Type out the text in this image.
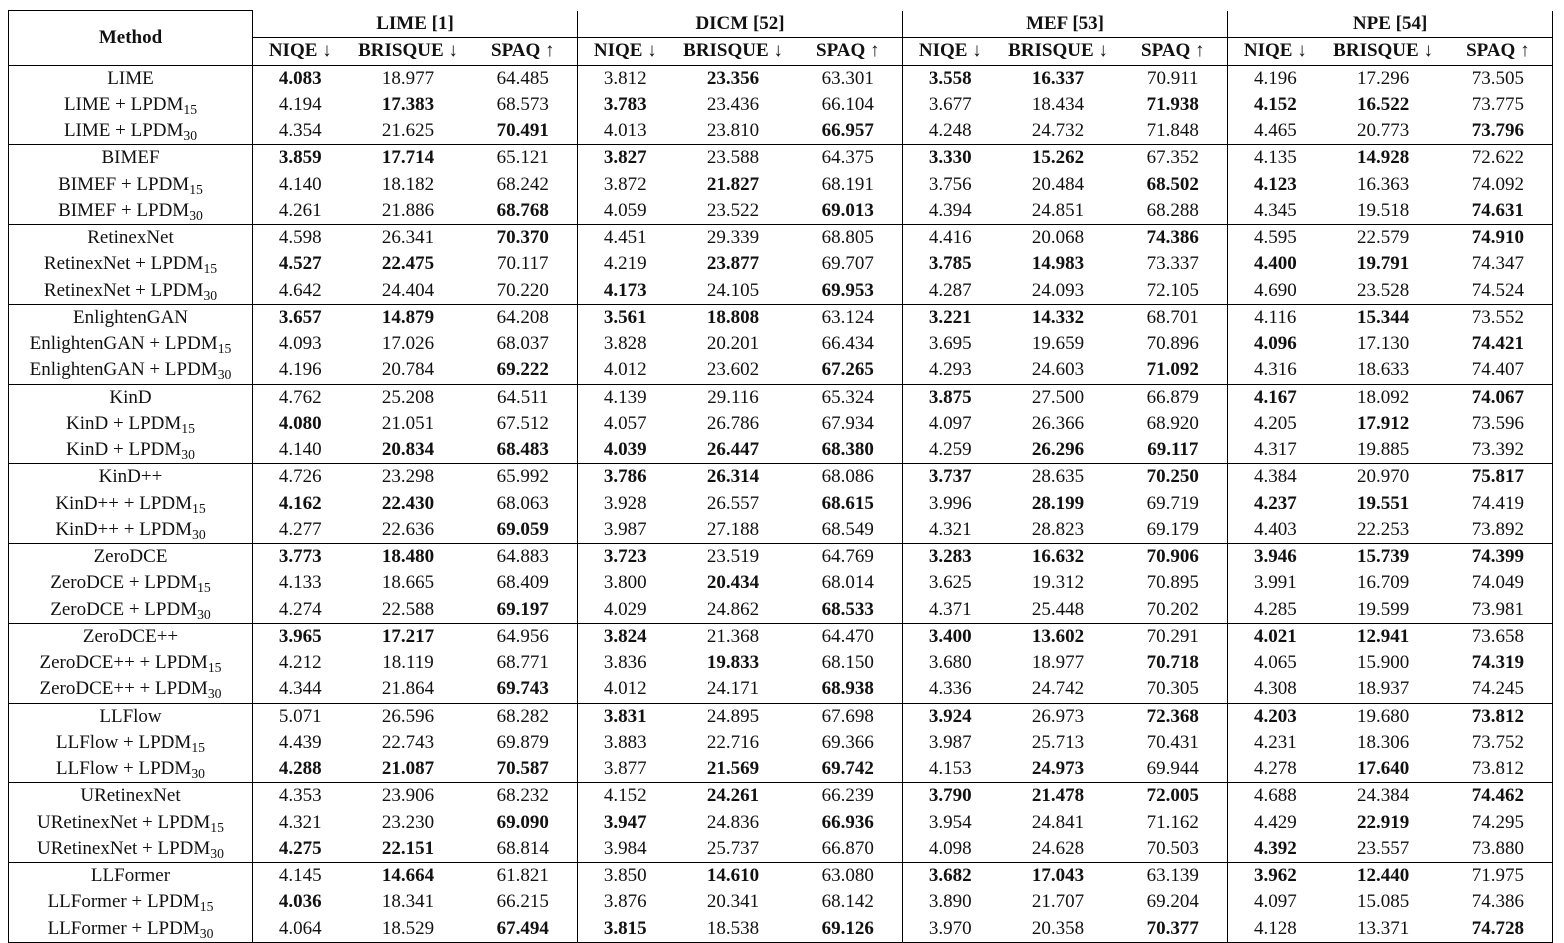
Method	LIME [1]			DICM [52]			MEF [53]			NPE [54]		
	NIQE ↓	BRISQUE ↓	SPAQ ↑	NIQE ↓	BRISQUE ↓	SPAQ ↑	NIQE ↓	BRISQUE ↓	SPAQ ↑	NIQE ↓	BRISQUE ↓	SPAQ ↑
LIME	4.083	18.977	64.485	3.812	23.356	63.301	3.558	16.337	70.911	4.196	17.296	73.505
LIME + $LPDM_{15}$	4.194	17.383	68.573	3.783	23.436	66.104	3.677	18.434	71.938	4.152	16.522	73.775
LIME + $LPDM_{30}$	4.354	21.625	70.491	4.013	23.810	66.957	4.248	24.732	71.848	4.465	20.773	73.796
BIMEF	3.859	17.714	65.121	3.827	23.588	64.375	3.330	15.262	67.352	4.135	14.928	72.622
BIMEF + $LPDM_{15}$	4.140	18.182	68.242	3.872	21.827	68.191	3.756	20.484	68.502	4.123	16.363	74.092
BIMEF + $LPDM_{30}$	4.261	21.886	68.768	4.059	23.522	69.013	4.394	24.851	68.288	4.345	19.518	74.631
RetinexNet	4.598	26.341	70.370	4.451	29.339	68.805	4.416	20.068	74.386	4.595	22.579	74.910
RetinexNet + $LPDM_{15}$	4.527	22.475	70.117	4.219	23.877	69.707	3.785	14.983	73.337	4.400	19.791	74.347
RetinexNet + $LPDM_{30}$	4.642	24.404	70.220	4.173	24.105	69.953	4.287	24.093	72.105	4.690	23.528	74.524
EnlightenGAN	3.657	14.879	64.208	3.561	18.808	63.124	3.221	14.332	68.701	4.116	15.344	73.552
EnlightenGAN + $LPDM_{15}$	4.093	17.026	68.037	3.828	20.201	66.434	3.695	19.659	70.896	4.096	17.130	74.421
EnlightenGAN + $LPDM_{30}$	4.196	20.784	69.222	4.012	23.602	67.265	4.293	24.603	71.092	4.316	18.633	74.407
KinD	4.762	25.208	64.511	4.139	29.116	65.324	3.875	27.500	66.879	4.167	18.092	74.067
KinD + $LPDM_{15}$	4.080	21.051	67.512	4.057	26.786	67.934	4.097	26.366	68.920	4.205	17.912	73.596
KinD + $LPDM_{30}$	4.140	20.834	68.483	4.039	26.447	68.380	4.259	26.296	69.117	4.317	19.885	73.392
KinD++	4.726	23.298	65.992	3.786	26.314	68.086	3.737	28.635	70.250	4.384	20.970	75.817
KinD++ + $LPDM_{15}$	4.162	22.430	68.063	3.928	26.557	68.615	3.996	28.199	69.719	4.237	19.551	74.419
KinD++ + $LPDM_{30}$	4.277	22.636	69.059	3.987	27.188	68.549	4.321	28.823	69.179	4.403	22.253	73.892
ZeroDCE	3.773	18.480	64.883	3.723	23.519	64.769	3.283	16.632	70.906	3.946	15.739	74.399
ZeroDCE + $LPDM_{15}$	4.133	18.665	68.409	3.800	20.434	68.014	3.625	19.312	70.895	3.991	16.709	74.049
ZeroDCE + $LPDM_{30}$	4.274	22.588	69.197	4.029	24.862	68.533	4.371	25.448	70.202	4.285	19.599	73.981
ZeroDCE++	3.965	17.217	64.956	3.824	21.368	64.470	3.400	13.602	70.291	4.021	12.941	73.658
ZeroDCE++ + $LPDM_{15}$	4.212	18.119	68.771	3.836	19.833	68.150	3.680	18.977	70.718	4.065	15.900	74.319
ZeroDCE++ + $LPDM_{30}$	4.344	21.864	69.743	4.012	24.171	68.938	4.336	24.742	70.305	4.308	18.937	74.245
LLFlow	5.071	26.596	68.282	3.831	24.895	67.698	3.924	26.973	72.368	4.203	19.680	73.812
LLFlow + $LPDM_{15}$	4.439	22.743	69.879	3.883	22.716	69.366	3.987	25.713	70.431	4.231	18.306	73.752
LLFlow + $LPDM_{30}$	4.288	21.087	70.587	3.877	21.569	69.742	4.153	24.973	69.944	4.278	17.640	73.812
URetinexNet	4.353	23.906	68.232	4.152	24.261	66.239	3.790	21.478	72.005	4.688	24.384	74.462
URetinexNet + $LPDM_{15}$	4.321	23.230	69.090	3.947	24.836	66.936	3.954	24.841	71.162	4.429	22.919	74.295
URetinexNet + $LPDM_{30}$	4.275	22.151	68.814	3.984	25.737	66.870	4.098	24.628	70.503	4.392	23.557	73.880
LLFormer	4.145	14.664	61.821	3.850	14.610	63.080	3.682	17.043	63.139	3.962	12.440	71.975
LLFormer + $LPDM_{15}$	4.036	18.341	66.215	3.876	20.341	68.142	3.890	21.707	69.204	4.097	15.085	74.386
LLFormer + $LPDM_{30}$	4.064	18.529	67.494	3.815	18.538	69.126	3.970	20.358	70.377	4.128	13.371	74.728
